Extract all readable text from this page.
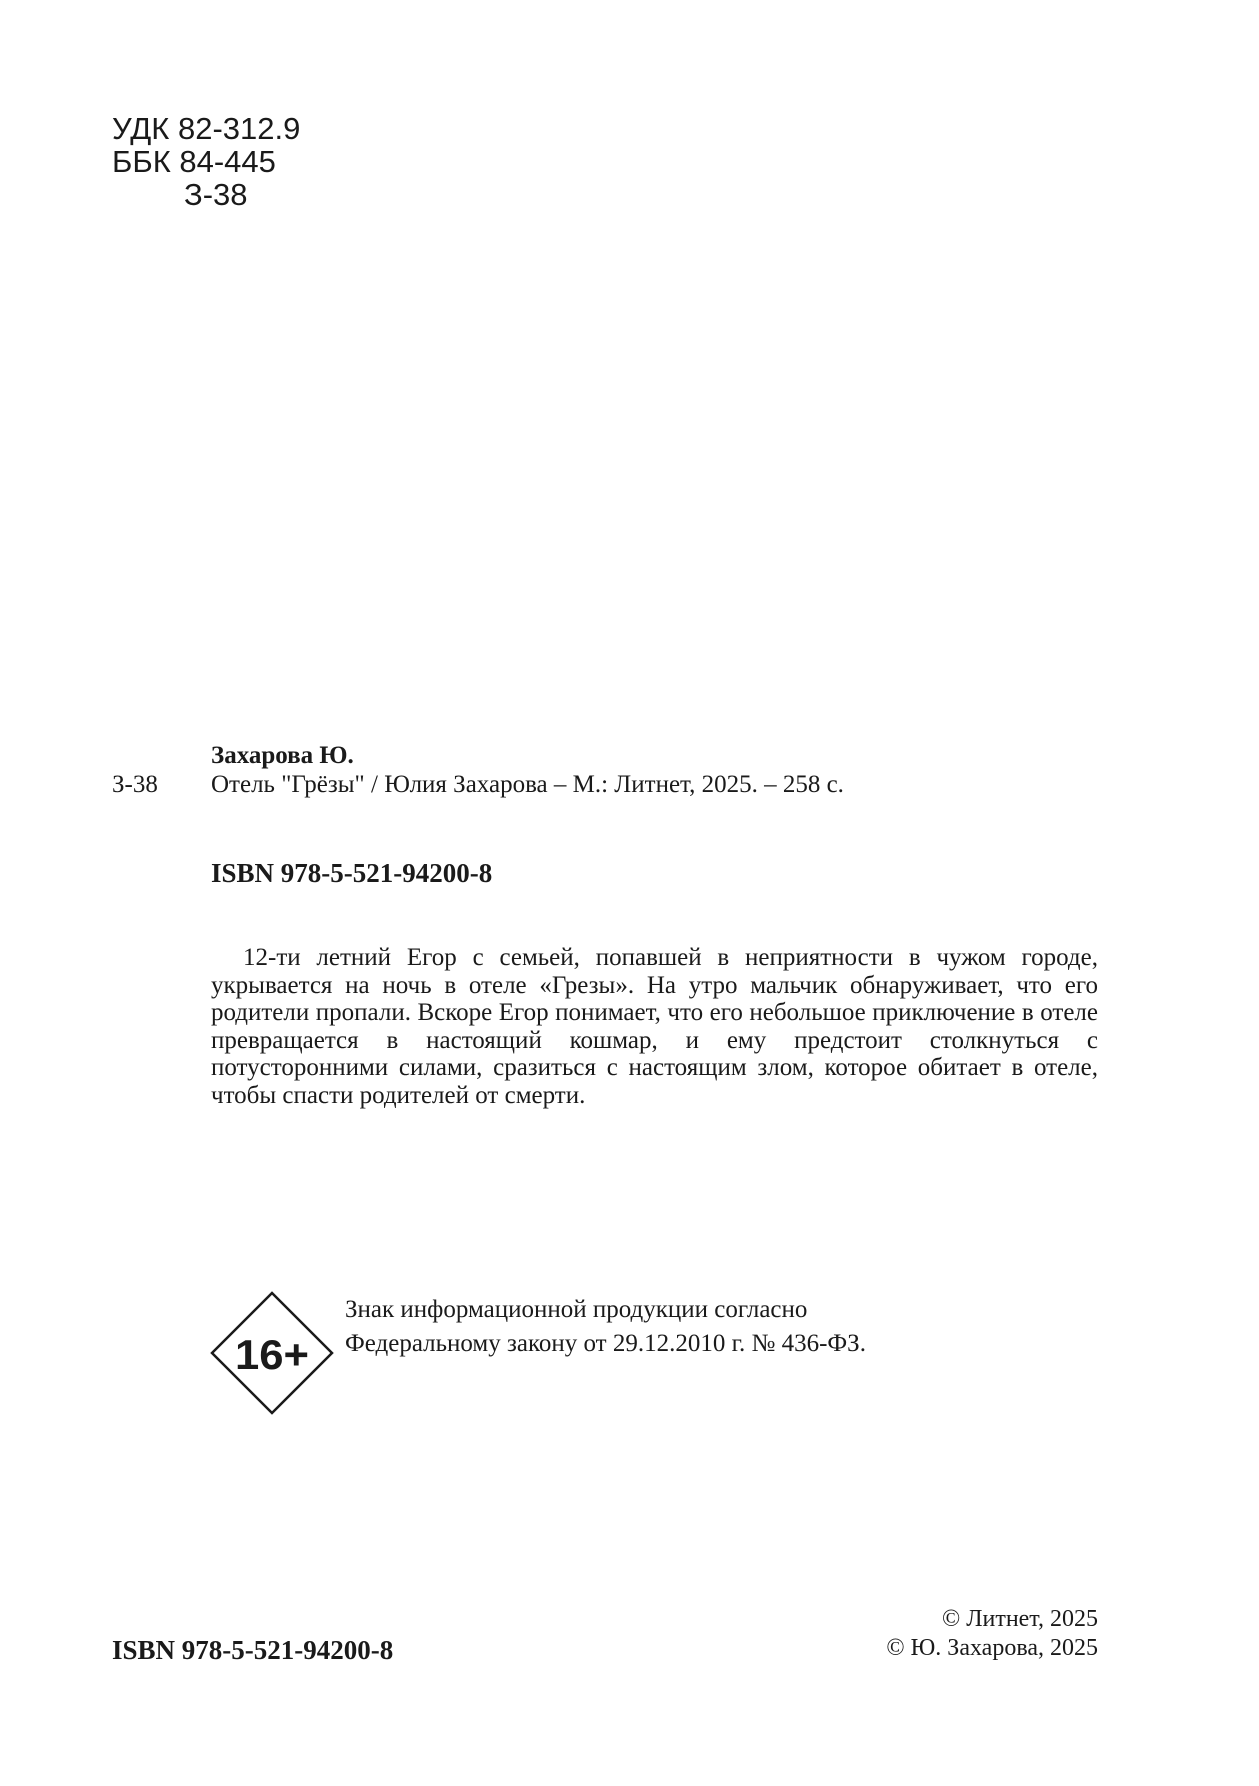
УДК 82-312.9
ББК 84-445
З-38
Захарова Ю.
З-38 Отель "Грёзы" / Юлия Захарова – М.: Литнет, 2025. – 258 с.
ISBN 978-5-521-94200-8

12-ти летний Егор с семьей, попавшей в неприятности в чужом городе, укрывается на ночь в отеле «Грезы». На утро мальчик обнаруживает, что его родители пропали. Вскоре Егор понимает, что его небольшое приключение в отеле превращается в настоящий кошмар, и ему предстоит столкнуться с потусторонними силами, сразиться с настоящим злом, которое обитает в отеле, чтобы спасти родителей от смерти.

16+
Знак информационной продукции согласно
Федеральному закону от 29.12.2010 г. № 436-ФЗ.
ISBN 978-5-521-94200-8
© Литнет, 2025
© Ю. Захарова, 2025
